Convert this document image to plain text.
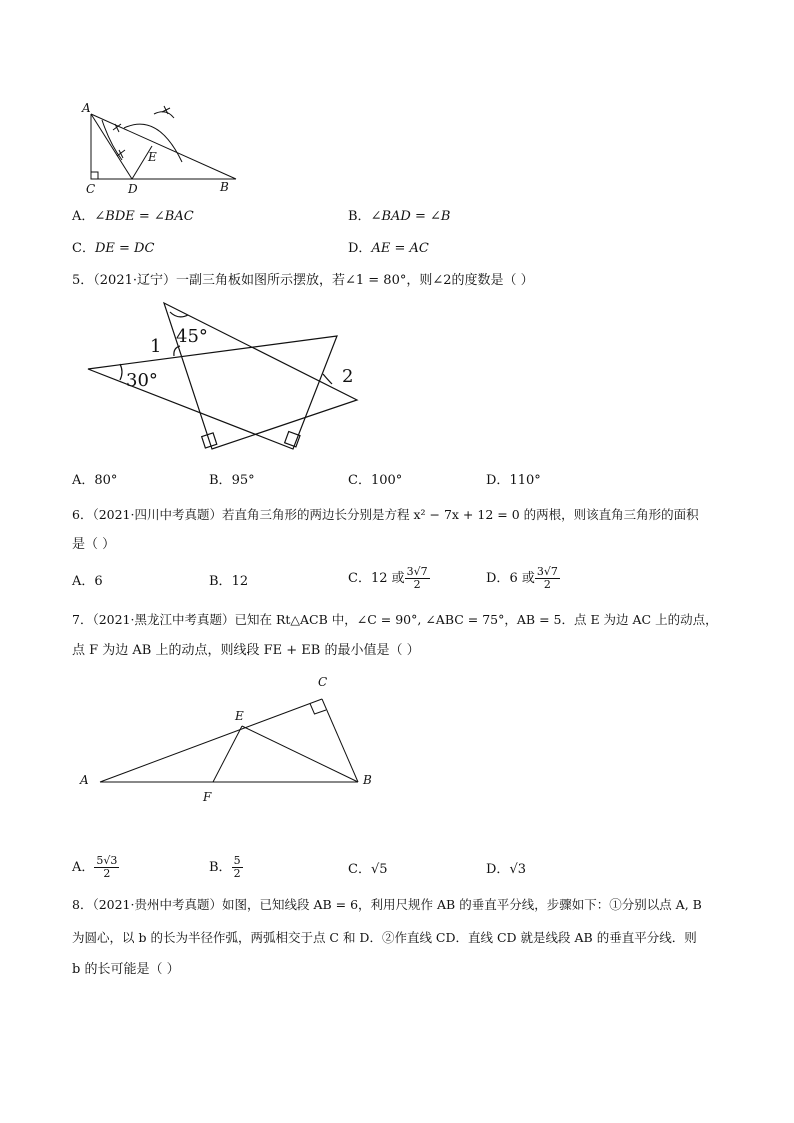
A
C	D	B
E
A．∠BDE = ∠BAC	B．∠BAD = ∠B
C．DE = DC	D．AE = AC
5．（2021·辽宁）一副三角板如图所示摆放，若∠1 = 80°，则∠2的度数是（ ）
45°
30°
1
2
A．80°	B．95°	C．100°	D．110°
6．（2021·四川中考真题）若直角三角形的两边长分别是方程 x² − 7x + 12 = 0 的两根，则该直角三角形的面积
是（ ）
A．6	B．12	C．12 或 $\frac{3√7}{2}$	D．6 或 $\frac{3√7}{2}$
7．（2021·黑龙江中考真题）已知在 Rt△ACB 中，∠C = 90°, ∠ABC = 75°，AB = 5．点 E 为边 AC 上的动点，
点 F 为边 AB 上的动点，则线段 FE + EB 的最小值是（ ）
A	B
C
E
F
A． $\frac{5√3}{2}$	B． $\frac{5}{2}$	C．√5	D．√3
8．（2021·贵州中考真题）如图，已知线段 AB = 6，利用尺规作 AB 的垂直平分线，步骤如下：①分别以点 A, B
为圆心，以 b 的长为半径作弧，两弧相交于点 C 和 D．②作直线 CD．直线 CD 就是线段 AB 的垂直平分线．则
b 的长可能是（ ）
